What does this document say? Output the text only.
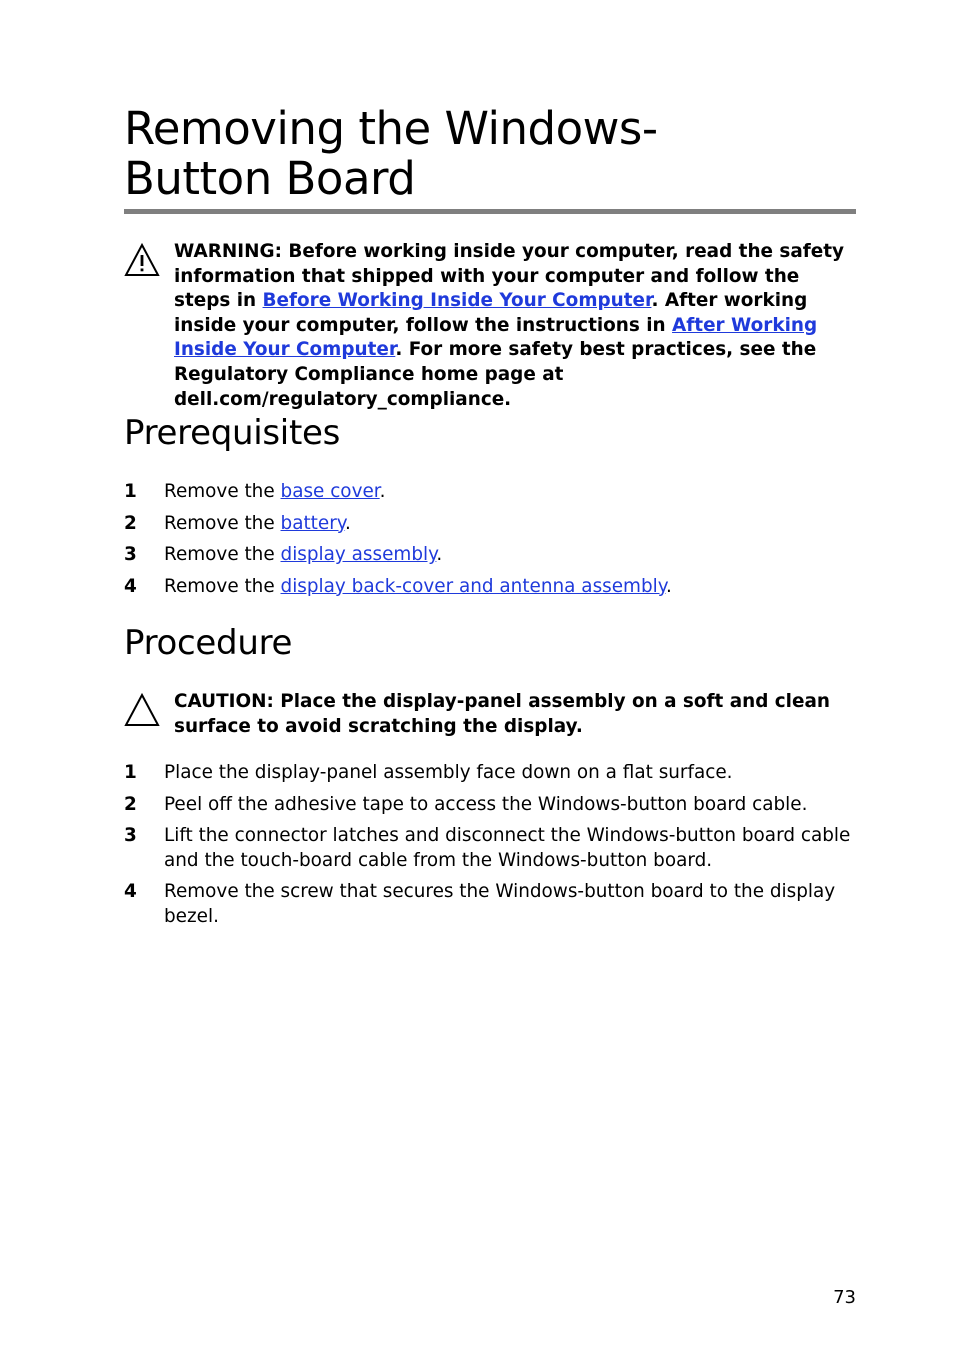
Removing the Windows-
Button Board
WARNING: Before working inside your computer, read the safety information that shipped with your computer and follow the steps in Before Working Inside Your Computer. After working inside your computer, follow the instructions in After Working Inside Your Computer. For more safety best practices, see the Regulatory Compliance home page at dell.com/regulatory_compliance.
Prerequisites
1 Remove the base cover.
2 Remove the battery.
3 Remove the display assembly.
4 Remove the display back-cover and antenna assembly.
Procedure
CAUTION: Place the display-panel assembly on a soft and clean surface to avoid scratching the display.
1 Place the display-panel assembly face down on a flat surface.
2 Peel off the adhesive tape to access the Windows-button board cable.
3 Lift the connector latches and disconnect the Windows-button board cable and the touch-board cable from the Windows-button board.
4 Remove the screw that secures the Windows-button board to the display bezel.
73
